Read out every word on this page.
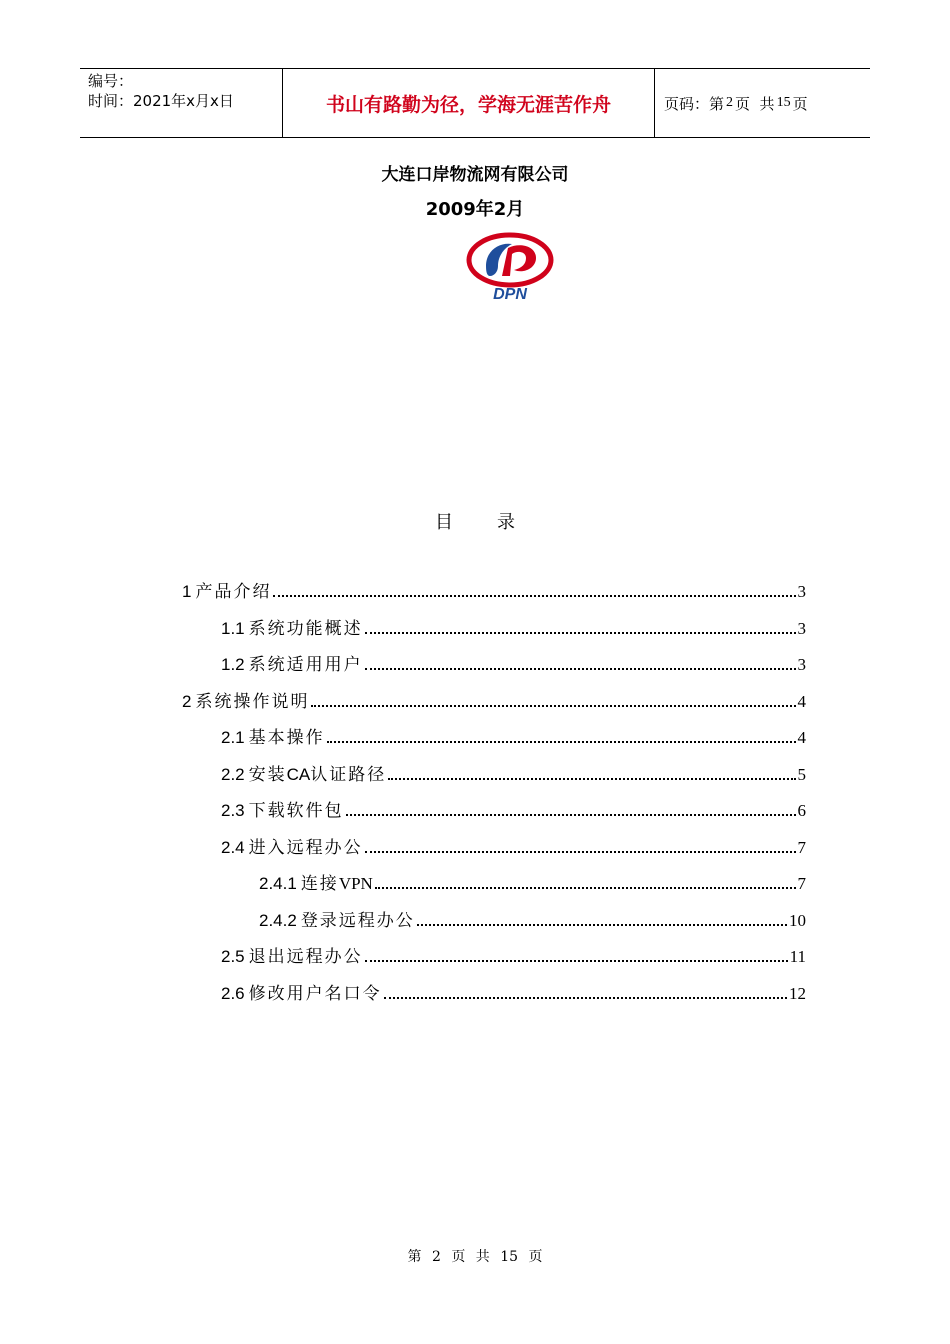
编号：
时间：2021年x月x日	书山有路勤为径，学海无涯苦作舟	页码：第 2 页  共 15 页
大连口岸物流网有限公司
2009年2月
DPN
目录
1 产品介绍	3
1.1 系统功能概述	3
1.2 系统适用用户	3
2 系统操作说明	4
2.1 基本操作	4
2.2 安装CA认证路径	5
2.3 下载软件包	6
2.4 进入远程办公	7
2.4.1 连接VPN	7
2.4.2 登录远程办公	10
2.5 退出远程办公	11
2.6 修改用户名口令	12
第 2 页 共 15 页
